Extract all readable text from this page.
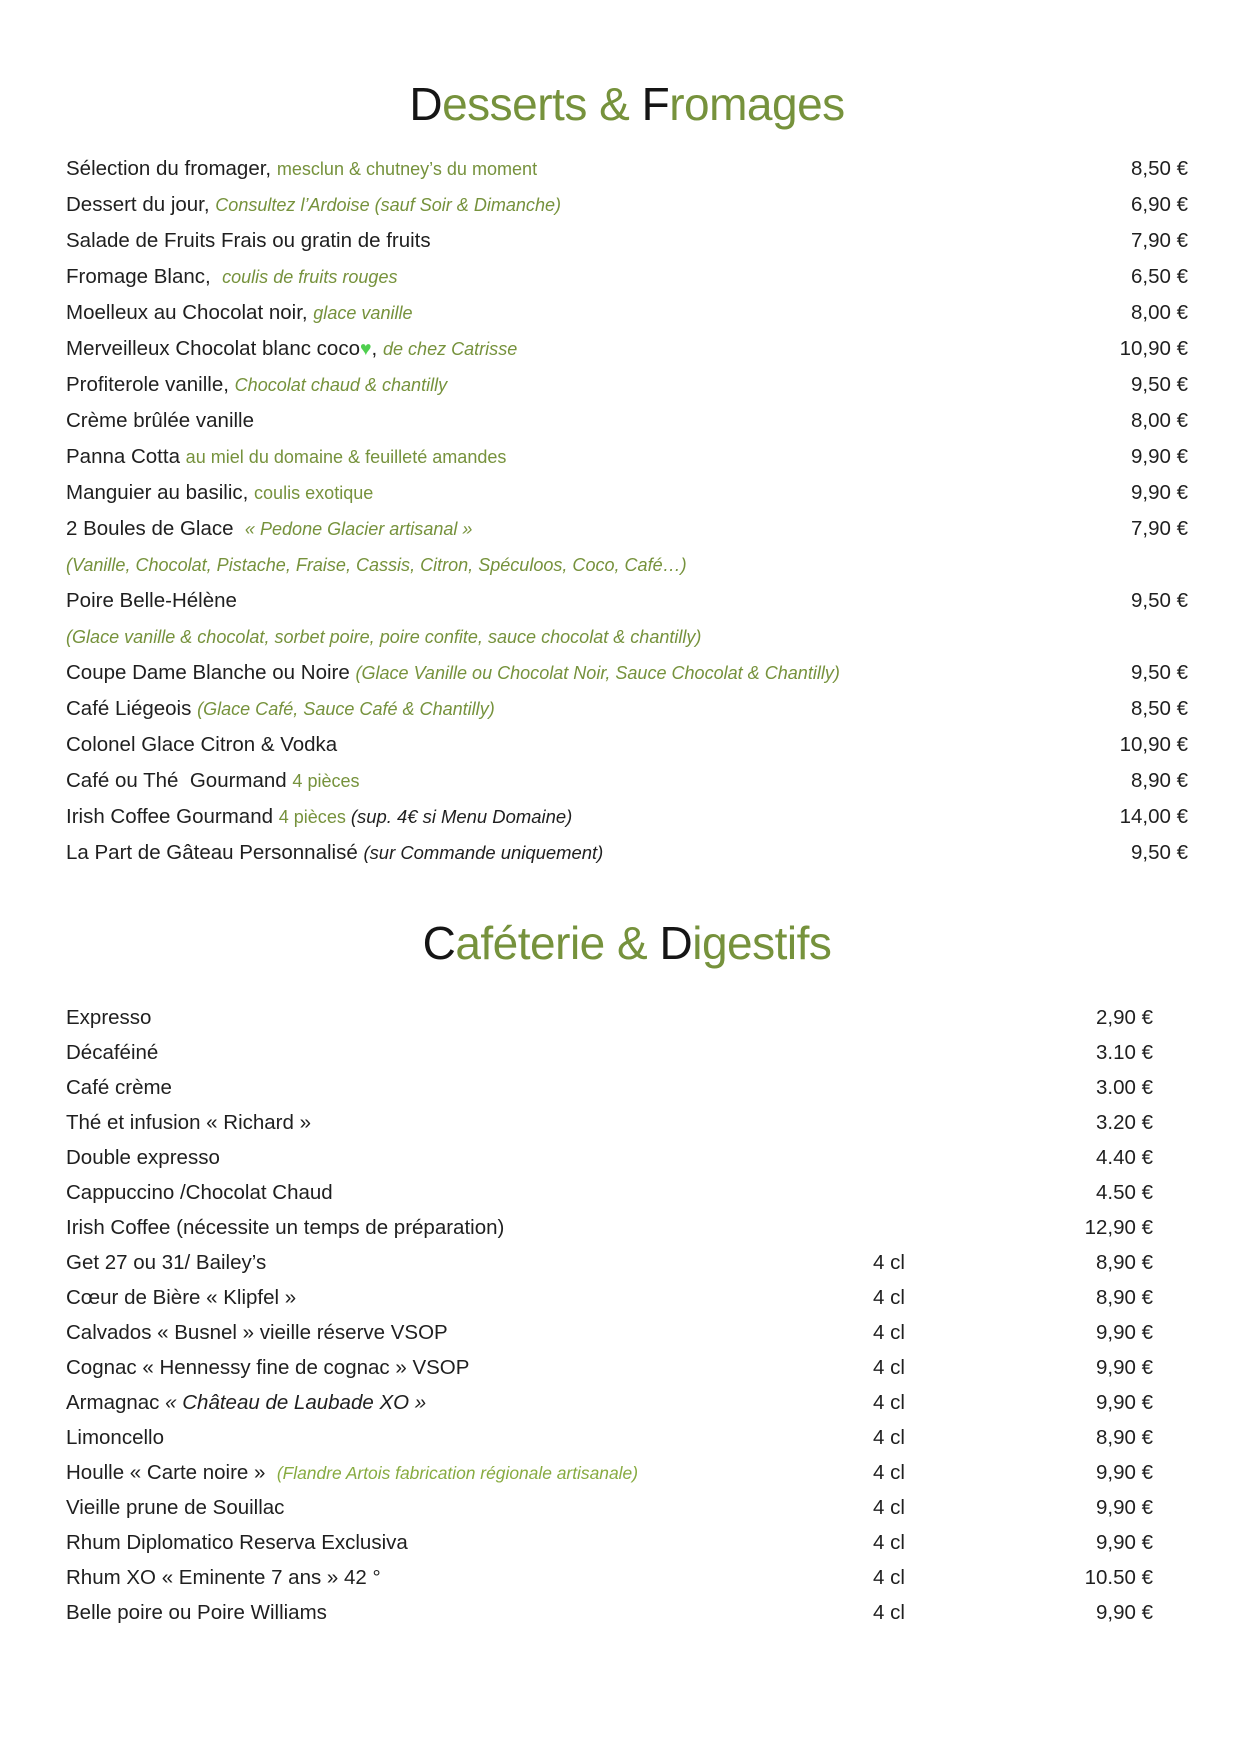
Desserts & Fromages
Sélection du fromager, mesclun & chutney’s du moment	8,50 €
Dessert du jour, Consultez l’Ardoise (sauf Soir & Dimanche)	6,90 €
Salade de Fruits Frais ou gratin de fruits	7,90 €
Fromage Blanc,  coulis de fruits rouges	6,50 €
Moelleux au Chocolat noir, glace vanille	8,00 €
Merveilleux Chocolat blanc coco♥, de chez Catrisse	10,90 €
Profiterole vanille, Chocolat chaud & chantilly	9,50 €
Crème brûlée vanille	8,00 €
Panna Cotta au miel du domaine & feuilleté amandes	9,90 €
Manguier au basilic, coulis exotique	9,90 €
2 Boules de Glace  « Pedone Glacier artisanal »	7,90 €
(Vanille, Chocolat, Pistache, Fraise, Cassis, Citron, Spéculoos, Coco, Café…)
Poire Belle-Hélène	9,50 €
(Glace vanille & chocolat, sorbet poire, poire confite, sauce chocolat & chantilly)
Coupe Dame Blanche ou Noire (Glace Vanille ou Chocolat Noir, Sauce Chocolat & Chantilly)	9,50 €
Café Liégeois (Glace Café, Sauce Café & Chantilly)	8,50 €
Colonel Glace Citron & Vodka	10,90 €
Café ou Thé  Gourmand 4 pièces	8,90 €
Irish Coffee Gourmand 4 pièces (sup. 4€ si Menu Domaine)	14,00 €
La Part de Gâteau Personnalisé (sur Commande uniquement)	9,50 €
Caféterie & Digestifs
Expresso	2,90 €
Décaféiné	3.10 €
Café crème	3.00 €
Thé et infusion « Richard »	3.20 €
Double expresso	4.40 €
Cappuccino /Chocolat Chaud	4.50 €
Irish Coffee (nécessite un temps de préparation)	12,90 €
Get 27 ou 31/ Bailey’s	4 cl	8,90 €
Cœur de Bière « Klipfel »	4 cl	8,90 €
Calvados « Busnel » vieille réserve VSOP	4 cl	9,90 €
Cognac « Hennessy fine de cognac » VSOP	4 cl	9,90 €
Armagnac « Château de Laubade XO »	4 cl	9,90 €
Limoncello	4 cl	8,90 €
Houlle « Carte noire »  (Flandre Artois fabrication régionale artisanale)	4 cl	9,90 €
Vieille prune de Souillac	4 cl	9,90 €
Rhum Diplomatico Reserva Exclusiva	4 cl	9,90 €
Rhum XO « Eminente 7 ans » 42 °	4 cl	10.50 €
Belle poire ou Poire Williams	4 cl	9,90 €
